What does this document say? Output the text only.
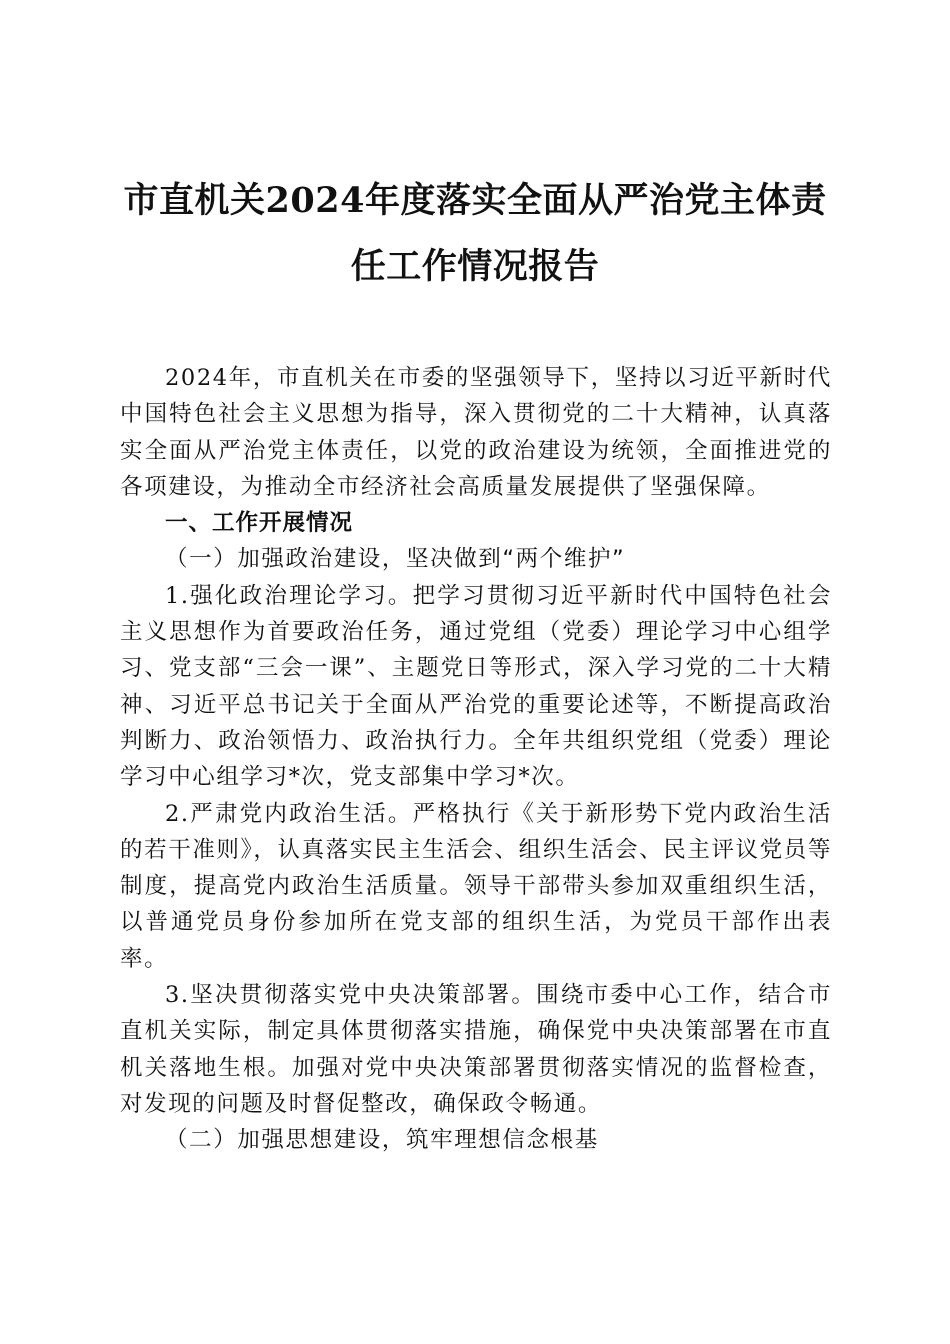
市直机关2024年度落实全面从严治党主体责
任工作情况报告

2024年，市直机关在市委的坚强领导下，坚持以习近平新时代中国特色社会主义思想为指导，深入贯彻党的二十大精神，认真落实全面从严治党主体责任，以党的政治建设为统领，全面推进党的各项建设，为推动全市经济社会高质量发展提供了坚强保障。

一、工作开展情况

（一）加强政治建设，坚决做到“两个维护”

1.强化政治理论学习。把学习贯彻习近平新时代中国特色社会主义思想作为首要政治任务，通过党组（党委）理论学习中心组学习、党支部“三会一课”、主题党日等形式，深入学习党的二十大精神、习近平总书记关于全面从严治党的重要论述等，不断提高政治判断力、政治领悟力、政治执行力。全年共组织党组（党委）理论学习中心组学习*次，党支部集中学习*次。

2.严肃党内政治生活。严格执行《关于新形势下党内政治生活的若干准则》，认真落实民主生活会、组织生活会、民主评议党员等制度，提高党内政治生活质量。领导干部带头参加双重组织生活，以普通党员身份参加所在党支部的组织生活，为党员干部作出表率。

3.坚决贯彻落实党中央决策部署。围绕市委中心工作，结合市直机关实际，制定具体贯彻落实措施，确保党中央决策部署在市直机关落地生根。加强对党中央决策部署贯彻落实情况的监督检查，对发现的问题及时督促整改，确保政令畅通。

（二）加强思想建设，筑牢理想信念根基
